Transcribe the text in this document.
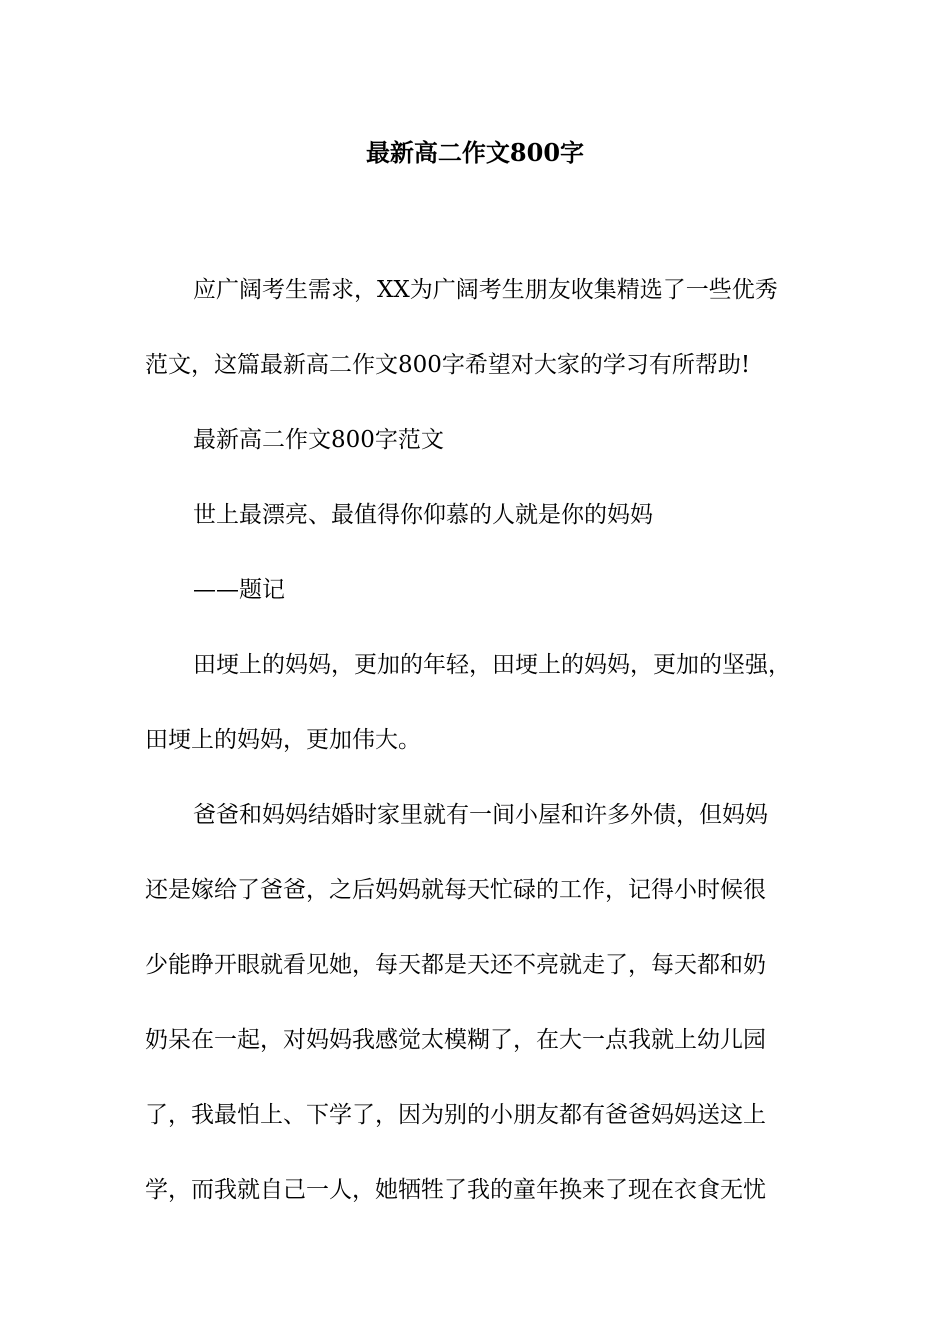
最新高二作文800字
应广阔考生需求，XX为广阔考生朋友收集精选了一些优秀
范文，这篇最新高二作文800字希望对大家的学习有所帮助!
最新高二作文800字范文
世上最漂亮、最值得你仰慕的人就是你的妈妈
——题记
田埂上的妈妈，更加的年轻，田埂上的妈妈，更加的坚强，
田埂上的妈妈，更加伟大。
爸爸和妈妈结婚时家里就有一间小屋和许多外债，但妈妈
还是嫁给了爸爸，之后妈妈就每天忙碌的工作，记得小时候很
少能睁开眼就看见她，每天都是天还不亮就走了，每天都和奶
奶呆在一起，对妈妈我感觉太模糊了，在大一点我就上幼儿园
了，我最怕上、下学了，因为别的小朋友都有爸爸妈妈送这上
学，而我就自己一人，她牺牲了我的童年换来了现在衣食无忧
